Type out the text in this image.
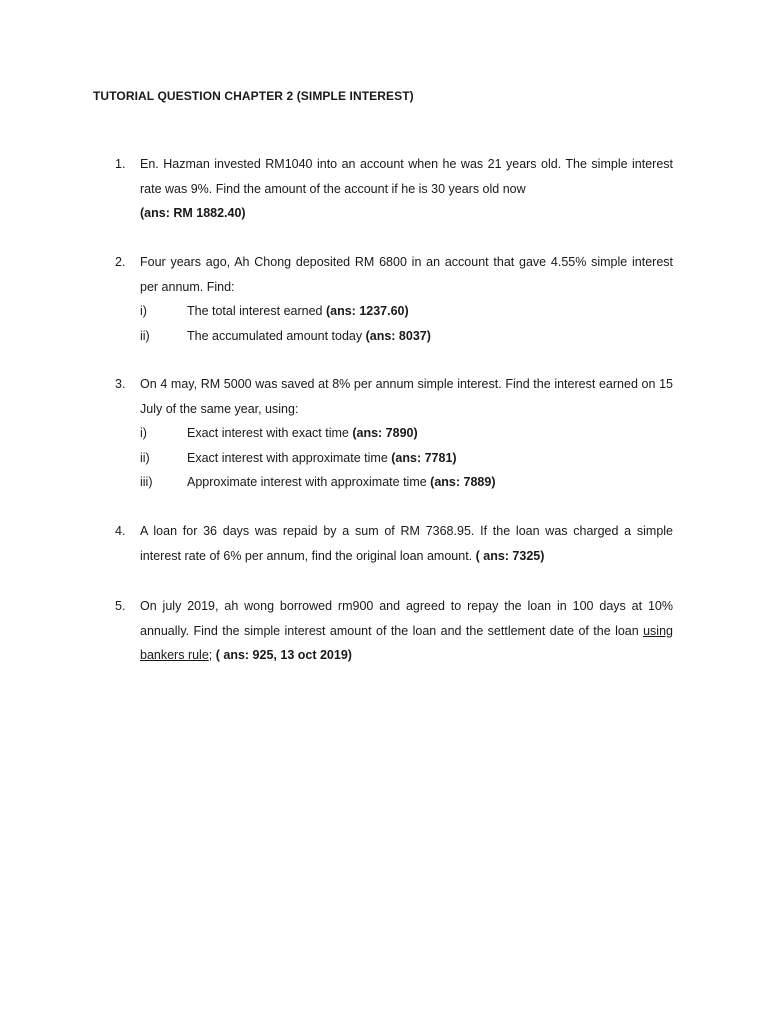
TUTORIAL QUESTION CHAPTER 2 (SIMPLE INTEREST)
1.	En. Hazman invested RM1040 into an account when he was 21 years old. The simple interest rate was 9%. Find the amount of the account if he is 30 years old now
(ans: RM 1882.40)
2.	Four years ago, Ah Chong deposited RM 6800 in an account that gave 4.55% simple interest per annum. Find:
i)	The total interest earned (ans: 1237.60)
ii)	The accumulated amount today (ans: 8037)
3.	On 4 may, RM 5000 was saved at 8% per annum simple interest. Find the interest earned on 15 July of the same year, using:
i)	Exact interest with exact time (ans: 7890)
ii)	Exact interest with approximate time (ans: 7781)
iii)	Approximate interest with approximate time (ans: 7889)
4.	A loan for 36 days was repaid by a sum of RM 7368.95. If the loan was charged a simple interest rate of 6% per annum, find the original loan amount. ( ans: 7325)
5.	On july 2019, ah wong borrowed rm900 and agreed to repay the loan in 100 days at 10% annually. Find the simple interest amount of the loan and the settlement date of the loan using bankers rule; ( ans: 925, 13 oct 2019)
